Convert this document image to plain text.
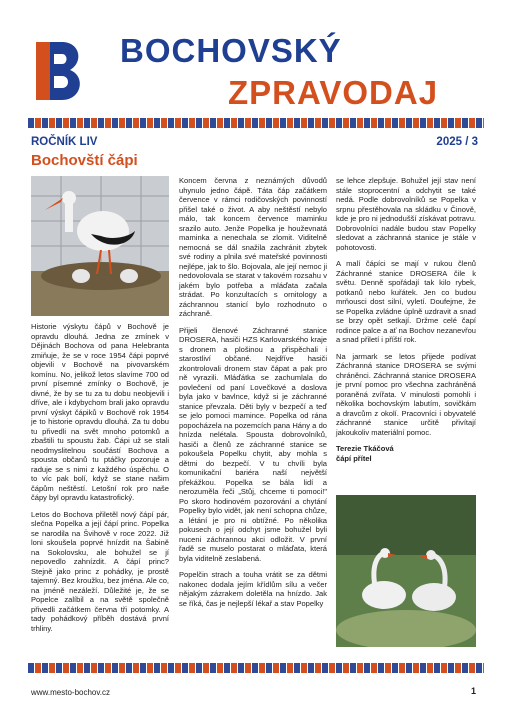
BOCHOVSKÝ
ZPRAVODAJ
ROČNÍK LIV	2025 / 3
Bochovští čápi

Historie výskytu čápů v Bochově je opravdu dlouhá. Jedna ze zmínek v Dějinách Bochova od pana Helebranta zmiňuje, že se v roce 1954 čápi poprvé objevili v Bochově na pivovarském komínu. No, jelikož letos slavíme 700 od první písemné zmínky o Bochově, je divné, že by se tu za tu dobu neobjevili i dříve, ale i kdybychom brali jako opravdu první výskyt čápiků v Bochově rok 1954 je to historie opravdu dlouhá. Za tu dobu tu přivedli na svět mnoho potomků a zbaštili tu spoustu žab. Čápi už se stali neodmyslitelnou součástí Bochova a spousta občanů tu ptáčky pozoruje a raduje se s nimi z každého úspěchu. O to víc pak bolí, když se stane našim čápům neštěstí. Letošní rok pro naše čápy byl opravdu katastrofický.

Letos do Bochova přiletěl nový čápí pár, slečna Popelka a její čápí princ. Popelka se narodila na Švihově v roce 2022. Již loni skoušela poprvé hnízdit na Šabině na Sokolovsku, ale bohužel se jí nepovedlo zahnízdit. A čápí princ? Stejně jako princ z pohádky, je prostě tajemný. Bez kroužku, bez jména. Ale co, na jméně nezáleží. Důležité je, že se Popelce zalíbil a na světě společně přivedli začátkem června tři potomky. A tady pohádkový příběh dostává první trhliny.

Koncem června z neznámých důvodů uhynulo jedno čápě. Táta čáp začátkem července v rámci rodičovských povinností přišel také o život. A aby neštěstí nebylo málo, tak koncem července maminku srazilo auto. Jenže Popelka je houževnatá maminka a nenechala se zlomit. Viditelně nemocná se dál snažila zachránit zbytek své rodiny a plnila své mateřské povinnosti nejlépe, jak to šlo. Bojovala, ale její nemoc ji nedovolovala se starat v takovém rozsahu v jakém bylo potřeba a mláďata začala strádat. Po konzultacích s ornitology a záchrannou stanicí bylo rozhodnuto o záchraně.

Přijeli členové Záchranné stanice DROSERA, hasiči HZS Karlovarského kraje s dronem a plošinou a přispěchali i starostliví občané. Nejdříve hasiči zkontrolovali dronem stav čápat a pak pro ně vyrazili. Mláďátka se zachumlala do povlečení od paní Lovečkové a doslova byla jako v bavlnce, když si je záchranné stanice převzala. Děti byly v bezpečí a teď se jelo pomoci mamince. Popelka od rána popocházela na pozemcích pana Hány a do hnízda nelétala. Spousta dobrovolníků, hasiči a členů ze záchranné stanice se pokoušela Popelku chytit, aby mohla s dětmi do bezpečí. V tu chvíli byla komunikační bariéra naší největší překážkou. Popelka se bála lidí a nerozuměla řeči „Stůj, chceme ti pomoci!" Po skoro hodinovém pozorování a chytání Popelky bylo vidět, jak není schopna chůze, a létání je pro ni obtížné. Po několika pokusech o její odchyt jsme bohužel byli nuceni záchrannou akci odložit. V první řadě se muselo postarat o mláďata, která byla viditelně zeslabená.

Popelčin strach a touha vrátit se za dětmi nakonec dodala jejím křídlům sílu a večer nějakým zázrakem doletěla na hnízdo. Jak se říká, čas je nejlepší lékař a stav Popelky

se lehce zlepšuje. Bohužel její stav není stále stoprocentní a odchytit se také nedá. Podle dobrovolníků se Popelka v srpnu přestěhovala na skládku v Činově, kde je pro ni jednodušší získávat potravu. Dobrovolníci nadále budou stav Popelky sledovat a záchranná stanice je stále v pohotovosti.

A malí čápíci se mají v rukou členů Záchranné stanice DROSERA čile k světu. Denně spořádají tak kilo rybek, potkanů nebo kuřátek. Jen co budou mrňousci dost silní, vyletí. Doufejme, že se Popelka zvládne úplně uzdravit a snad se brzy opět setkají. Držme celé čapí rodince palce a ať na Bochov nezanevřou a snad přiletí i příští rok.

Na jarmark se letos přijede podívat Záchranná stanice DROSERA se svými chráněnci. Záchranná stanice DROSERA je první pomoc pro všechna zachráněná poraněná zvířata. V minulosti pomohli i několika bochovským labutím, sovičkám a dravcům z okolí. Pracovníci i obyvatelé záchranné stanice určitě přivítají jakoukoliv materiální pomoc.

Terezie Tkáčová
čápí přítel
www.mesto-bochov.cz	1
